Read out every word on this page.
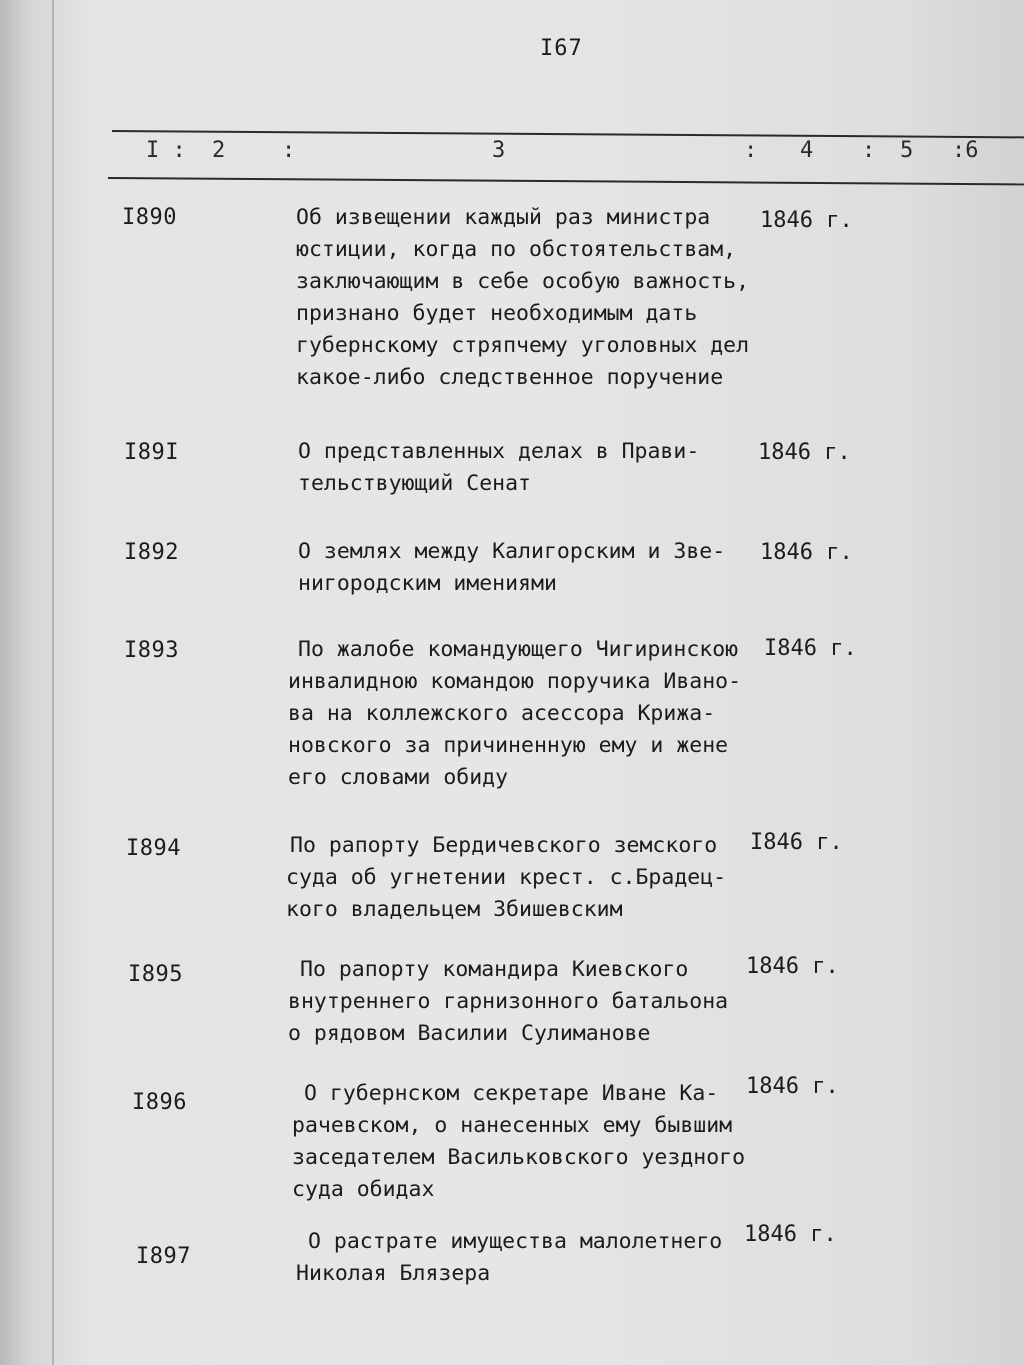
I67
I : 2	:	3	: 4 : 5 :6
I890	Об извещении каждый раз министра
юстиции, когда по обстоятельствам,
заключающим в себе особую важность,
признано будет необходимым дать
губернскому стряпчему уголовных дел
какое-либо следственное поручение
1846 г.
I89I	О представленных делах в Прави-
тельствующий Сенат
1846 г.
I892	О землях между Калигорским и Зве-
нигородским имениями
1846 г.
I893	По жалобе командующего Чигиринскою
инвалидною командою поручика Ивано-
ва на коллежского асессора Крижа-
новского за причиненную ему и жене
его словами обиду
I846 г.
I894	По рапорту Бердичевского земского
суда об угнетении крест. с.Брадец-
кого владельцем Збишевским
I846 г.
I895	По рапорту командира Киевского
внутреннего гарнизонного батальона
о рядовом Василии Сулиманове
1846 г.
I896	О губернском секретаре Иване Ка-
рачевском, о нанесенных ему бывшим
заседателем Васильковского уездного
суда обидах
1846 г.
I897
О растрате имущества малолетнего
Николая Блязера
1846 г.
